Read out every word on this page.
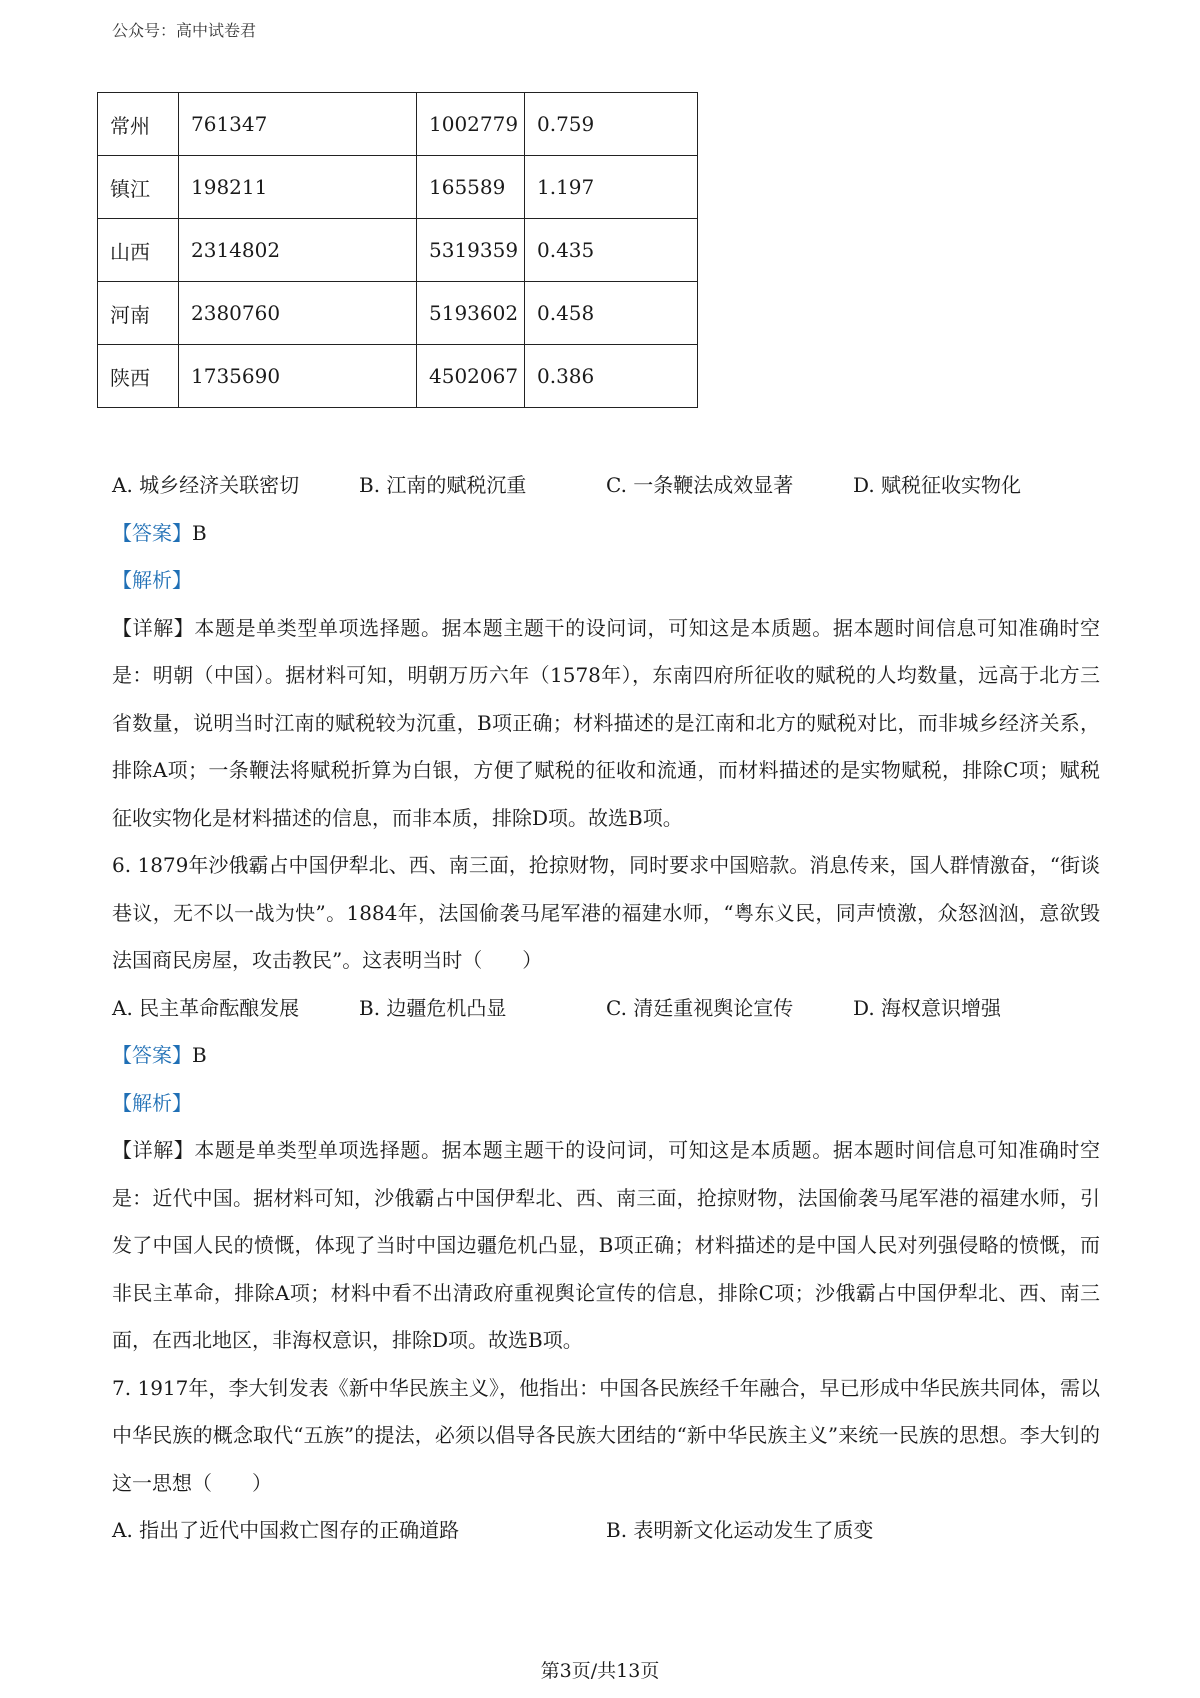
公众号：高中试卷君
常州	761347	1002779	0.759
镇江	198211	165589	1.197
山西	2314802	5319359	0.435
河南	2380760	5193602	0.458
陕西	1735690	4502067	0.386
A. 城乡经济关联密切	B. 江南的赋税沉重	C. 一条鞭法成效显著	D. 赋税征收实物化
【答案】B
【解析】
【详解】本题是单类型单项选择题。据本题主题干的设问词，可知这是本质题。据本题时间信息可知准确时空是：明朝（中国）。据材料可知，明朝万历六年（1578年），东南四府所征收的赋税的人均数量，远高于北方三省数量，说明当时江南的赋税较为沉重，B项正确；材料描述的是江南和北方的赋税对比，而非城乡经济关系，排除A项；一条鞭法将赋税折算为白银，方便了赋税的征收和流通，而材料描述的是实物赋税，排除C项；赋税征收实物化是材料描述的信息，而非本质，排除D项。故选B项。
6. 1879年沙俄霸占中国伊犁北、西、南三面，抢掠财物，同时要求中国赔款。消息传来，国人群情激奋，“街谈巷议，无不以一战为快”。1884年，法国偷袭马尾军港的福建水师，“粤东义民，同声愤激，众怒汹汹，意欲毁法国商民房屋，攻击教民”。这表明当时（　　）
A. 民主革命酝酿发展	B. 边疆危机凸显	C. 清廷重视舆论宣传	D. 海权意识增强
【答案】B
【解析】
【详解】本题是单类型单项选择题。据本题主题干的设问词，可知这是本质题。据本题时间信息可知准确时空是：近代中国。据材料可知，沙俄霸占中国伊犁北、西、南三面，抢掠财物，法国偷袭马尾军港的福建水师，引发了中国人民的愤慨，体现了当时中国边疆危机凸显，B项正确；材料描述的是中国人民对列强侵略的愤慨，而非民主革命，排除A项；材料中看不出清政府重视舆论宣传的信息，排除C项；沙俄霸占中国伊犁北、西、南三面，在西北地区，非海权意识，排除D项。故选B项。
7. 1917年，李大钊发表《新中华民族主义》，他指出：中国各民族经千年融合，早已形成中华民族共同体，需以中华民族的概念取代“五族”的提法，必须以倡导各民族大团结的“新中华民族主义”来统一民族的思想。李大钊的这一思想（　　）
A. 指出了近代中国救亡图存的正确道路	B. 表明新文化运动发生了质变
第3页/共13页
